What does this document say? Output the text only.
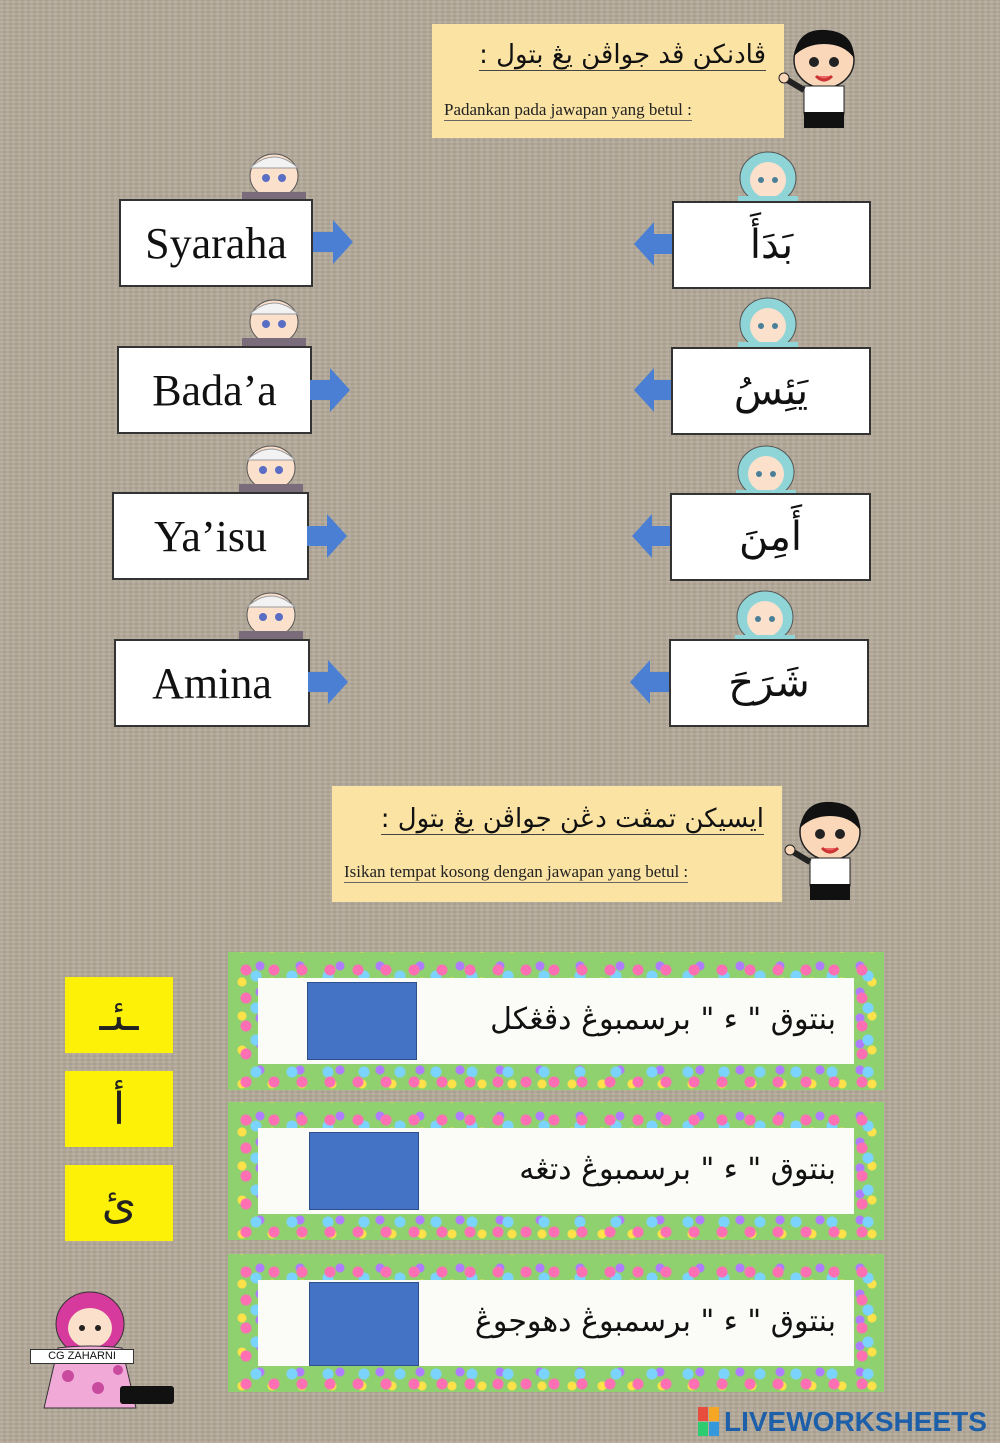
ڤادنکن ڤد جواڤن يڠ بتول :
Padankan pada jawapan yang betul :
Syaraha	بَدَأَ
Bada’a	يَئِسُ
Ya’isu	أَمِنَ
Amina	شَرَحَ
ايسيکن تمڤت دڠن جواڤن يڠ بتول :
Isikan tempat kosong dengan jawapan yang betul :
ـئـ
أ
ئ
بنتوق " ء " برسمبوڠ دڤڠکل
بنتوق " ء " برسمبوڠ دتڠه
بنتوق " ء " برسمبوڠ دهوجوڠ
CG ZAHARNI
LIVEWORKSHEETS
